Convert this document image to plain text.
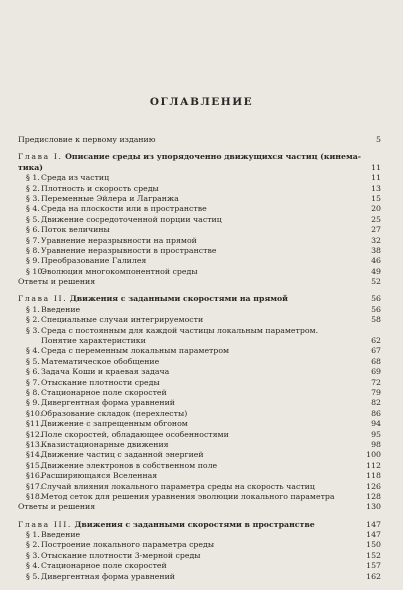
ОГЛАВЛЕНИЕ
Предисловие к первому изданию	5
Глава I. Описание среды из упорядоченно движущихся частиц (кинема-
тика)	11
§ 1.Среда из частиц	11
§ 2.Плотность и скорость среды	13
§ 3.Переменные Эйлера и Лагранжа	15
§ 4.Среда на плоскости или в пространстве	20
§ 5.Движение сосредоточенной порции частиц	25
§ 6.Поток величины	27
§ 7.Уравнение неразрывности на прямой	32
§ 8.Уравнение неразрывности в пространстве	38
§ 9.Преобразование Галилея	46
§ 10.Эволюция многокомпонентной среды	49
Ответы и решения	52
Глава II. Движения с заданными скоростями на прямой	56
§ 1.Введение	56
§ 2.Специальные случаи интегрируемости	58
§ 3.Среда с постоянным для каждой частицы локальным параметром.
Понятие характеристики	62
§ 4.Среда с переменным локальным параметром	67
§ 5.Математическое обобщение	68
§ 6.Задача Коши и краевая задача	69
§ 7.Отыскание плотности среды	72
§ 8.Стационарное поле скоростей	79
§ 9.Дивергентная форма уравнений	82
§10.Образование складок (перехлесты)	86
§11.Движение с запрещенным обгоном	94
§12.Поле скоростей, обладающее особенностями	95
§13.Квазистационарные движения	98
§14.Движение частиц с заданной энергией	100
§15.Движение электронов в собственном поле	112
§16.Расширяющаяся Вселенная	118
§17.Случай влияния локального параметра среды на скорость частиц	126
§18.Метод сеток для решения уравнения эволюции локального параметра	128
Ответы и решения	130
Глава III. Движения с заданными скоростями в пространстве	147
§ 1.Введение	147
§ 2.Построение локального параметра среды	150
§ 3.Отыскание плотности 3-мерной среды	152
§ 4.Стационарное поле скоростей	157
§ 5.Дивергентная форма уравнений	162
